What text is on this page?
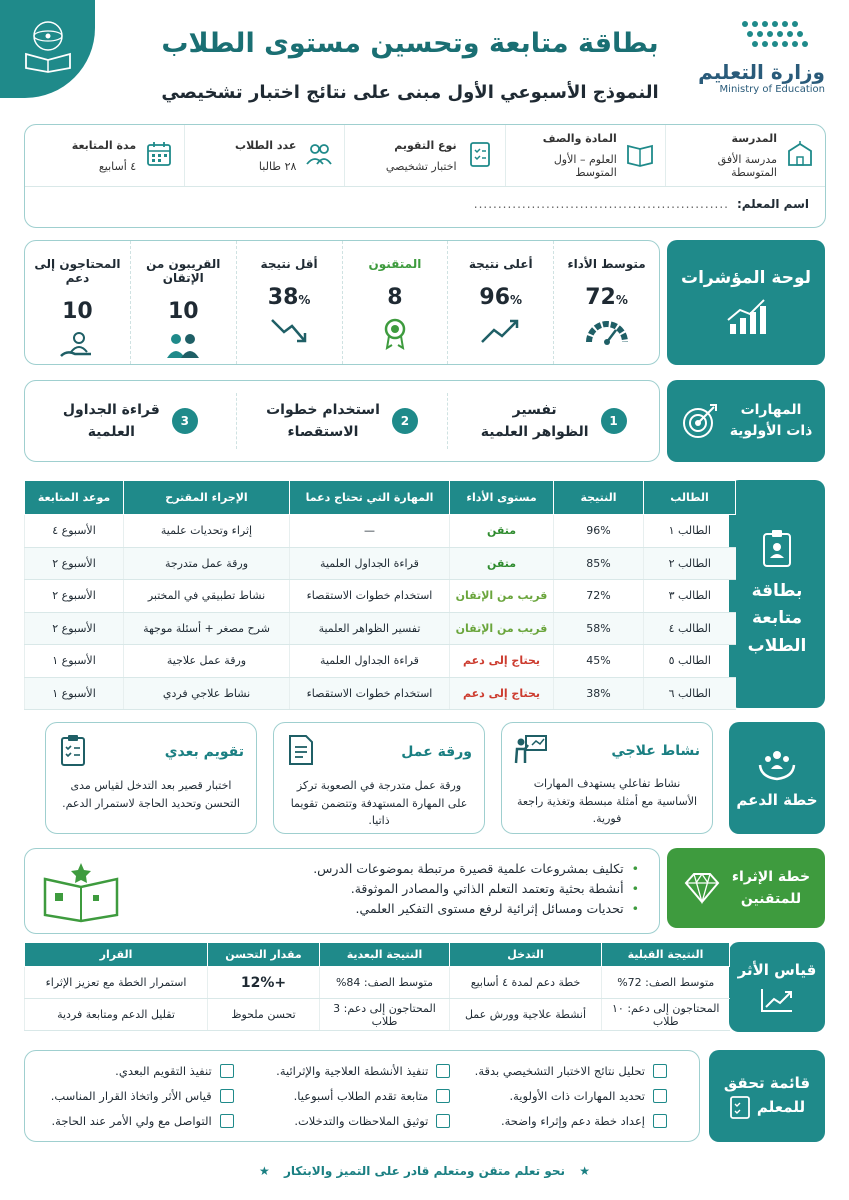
بطاقة متابعة وتحسين مستوى الطلاب
النموذج الأسبوعي الأول مبنى على نتائج اختبار تشخيصي
وزارة التعليم
Ministry of Education
المدرسة
مدرسة الأفق المتوسطة
المادة والصف
العلوم – الأول المتوسط
نوع التقويم
اختبار تشخيصي
عدد الطلاب
٢٨ طالبا
مدة المتابعة
٤ أسابيع
اسم المعلم:
.....................................................
لوحة المؤشرات
متوسط الأداء
72%
أعلى نتيجة
96%
المتقنون
8
أقل نتيجة
38%
القريبون من الإتقان
10
المحتاجون إلى دعم
10
المهارات
ذات الأولوية
1
تفسير
الظواهر العلمية
2
استخدام خطوات
الاستقصاء
3
قراءة الجداول
العلمية
بطاقة
متابعة
الطلاب
الطالب	النتيجة	مستوى الأداء	المهارة التي تحتاج دعما	الإجراء المقترح	موعد المتابعة
الطالب ١	96%	متقن	—	إثراء وتحديات علمية	الأسبوع ٤
الطالب ٢	85%	متقن	قراءة الجداول العلمية	ورقة عمل متدرجة	الأسبوع ٢
الطالب ٣	72%	قريب من الإتقان	استخدام خطوات الاستقصاء	نشاط تطبيقي في المختبر	الأسبوع ٢
الطالب ٤	58%	قريب من الإتقان	تفسير الظواهر العلمية	شرح مصغر + أسئلة موجهة	الأسبوع ٢
الطالب ٥	45%	يحتاج إلى دعم	قراءة الجداول العلمية	ورقة عمل علاجية	الأسبوع ١
الطالب ٦	38%	يحتاج إلى دعم	استخدام خطوات الاستقصاء	نشاط علاجي فردي	الأسبوع ١
خطة الدعم
نشاط علاجي
نشاط تفاعلي يستهدف المهارات الأساسية مع أمثلة مبسطة وتغذية راجعة فورية.
ورقة عمل
ورقة عمل متدرجة في الصعوبة تركز على المهارة المستهدفة وتتضمن تقويما ذاتيا.
تقويم بعدي
اختبار قصير بعد التدخل لقياس مدى التحسن وتحديد الحاجة لاستمرار الدعم.
خطة الإثراء
للمتقنين
• تكليف بمشروعات علمية قصيرة مرتبطة بموضوعات الدرس.
• أنشطة بحثية وتعتمد التعلم الذاتي والمصادر الموثوقة.
• تحديات ومسائل إثرائية لرفع مستوى التفكير العلمي.
قياس الأثر
النتيجة القبلية	التدخل	النتيجة البعدية	مقدار التحسن	القرار
متوسط الصف: 72%	خطة دعم لمدة ٤ أسابيع	متوسط الصف: 84%	+12%	استمرار الخطة مع تعزيز الإثراء
المحتاجون إلى دعم: ١٠ طلاب	أنشطة علاجية وورش عمل	المحتاجون إلى دعم: 3 طلاب	تحسن ملحوظ	تقليل الدعم ومتابعة فردية
قائمة تحقق
للمعلم
تحليل نتائج الاختبار التشخيصي بدقة.
تنفيذ الأنشطة العلاجية والإثرائية.
تنفيذ التقويم البعدي.
تحديد المهارات ذات الأولوية.
متابعة تقدم الطلاب أسبوعيا.
قياس الأثر واتخاذ القرار المناسب.
إعداد خطة دعم وإثراء واضحة.
توثيق الملاحظات والتدخلات.
التواصل مع ولي الأمر عند الحاجة.
★ نحو تعلم متقن ومتعلم قادر على التميز والابتكار ★
